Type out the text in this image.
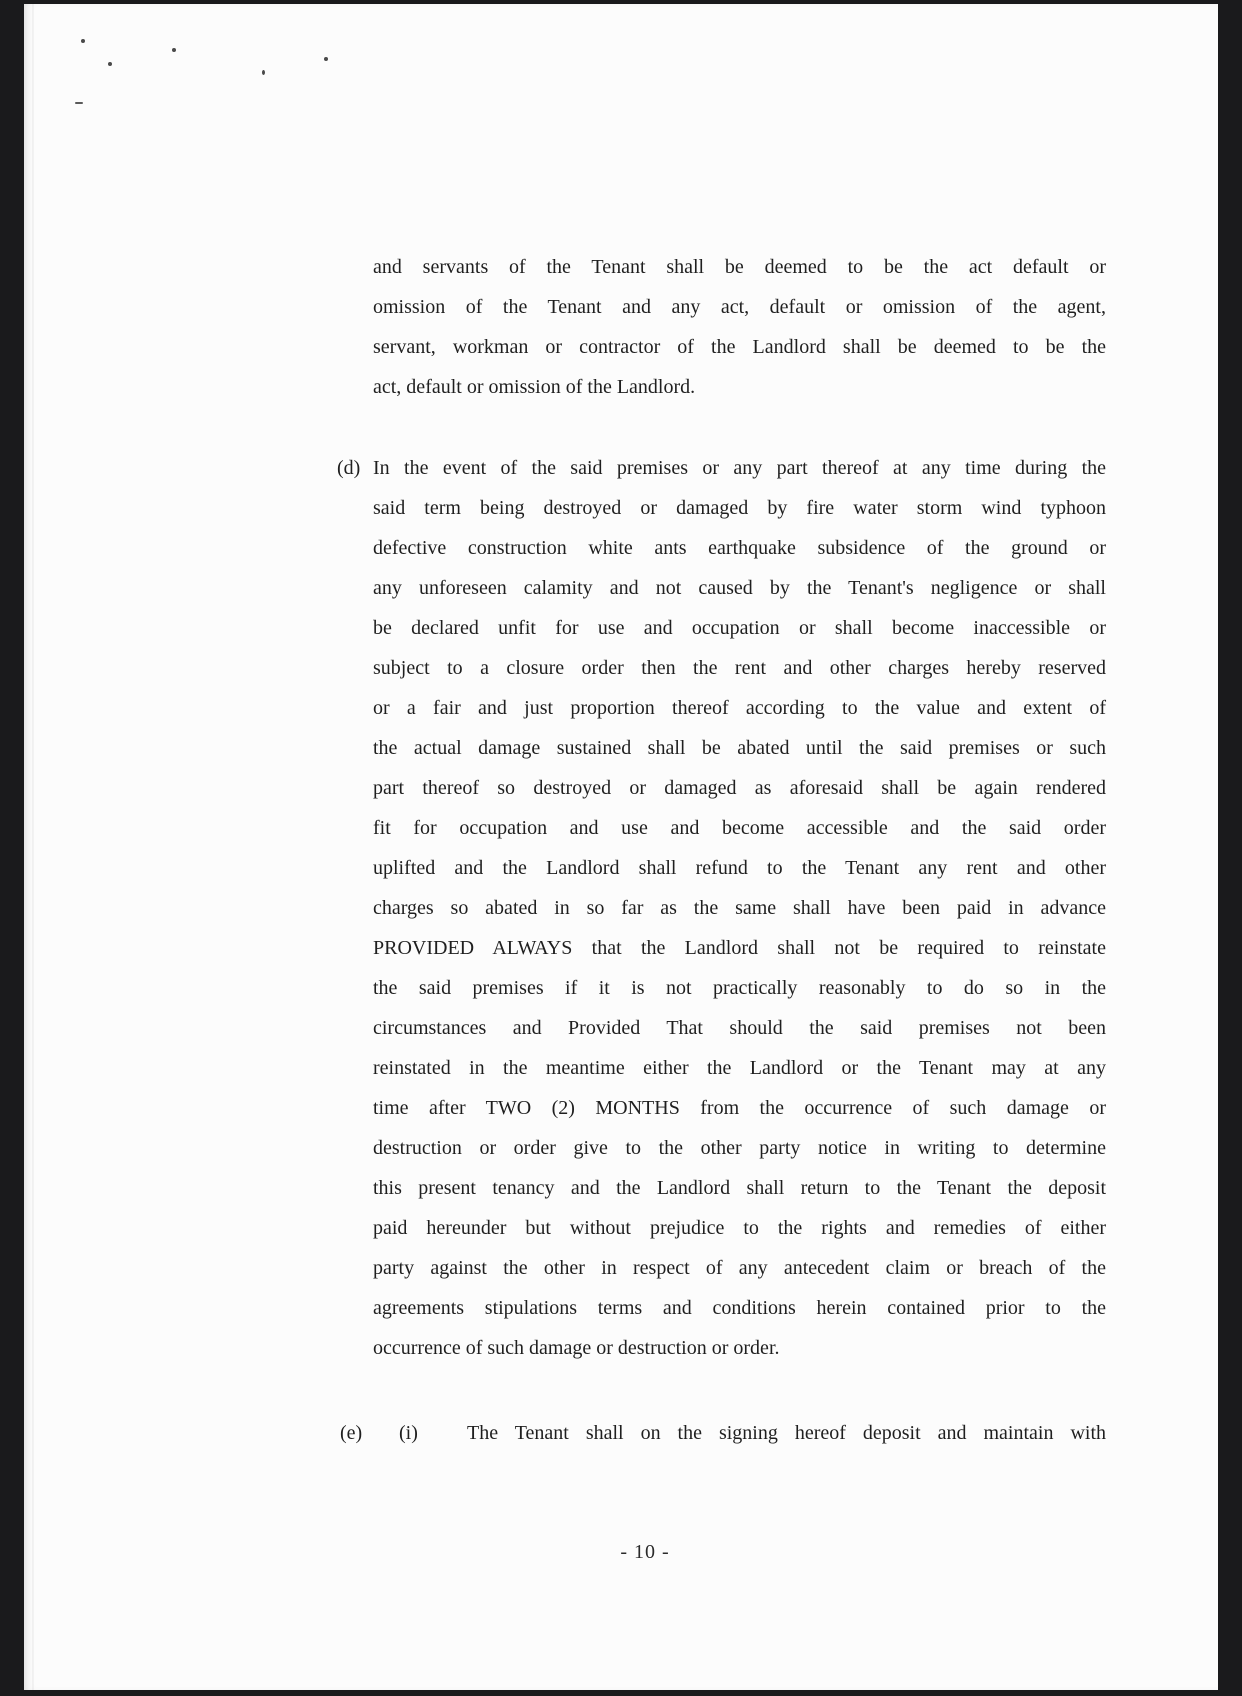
and servants of the Tenant shall be deemed to be the act default or
omission of the Tenant and any act, default or omission of the agent,
servant, workman or contractor of the Landlord shall be deemed to be the
act, default or omission of the Landlord.
(d) In the event of the said premises or any part thereof at any time during the
said term being destroyed or damaged by fire water storm wind typhoon
defective construction white ants earthquake subsidence of the ground or
any unforeseen calamity and not caused by the Tenant's negligence or shall
be declared unfit for use and occupation or shall become inaccessible or
subject to a closure order then the rent and other charges hereby reserved
or a fair and just proportion thereof according to the value and extent of
the actual damage sustained shall be abated until the said premises or such
part thereof so destroyed or damaged as aforesaid shall be again rendered
fit for occupation and use and become accessible and the said order
uplifted and the Landlord shall refund to the Tenant any rent and other
charges so abated in so far as the same shall have been paid in advance
PROVIDED ALWAYS that the Landlord shall not be required to reinstate
the said premises if it is not practically reasonably to do so in the
circumstances and Provided That should the said premises not been
reinstated in the meantime either the Landlord or the Tenant may at any
time after TWO (2) MONTHS from the occurrence of such damage or
destruction or order give to the other party notice in writing to determine
this present tenancy and the Landlord shall return to the Tenant the deposit
paid hereunder but without prejudice to the rights and remedies of either
party against the other in respect of any antecedent claim or breach of the
agreements stipulations terms and conditions herein contained prior to the
occurrence of such damage or destruction or order.
(e) (i) The Tenant shall on the signing hereof deposit and maintain with
- 10 -
